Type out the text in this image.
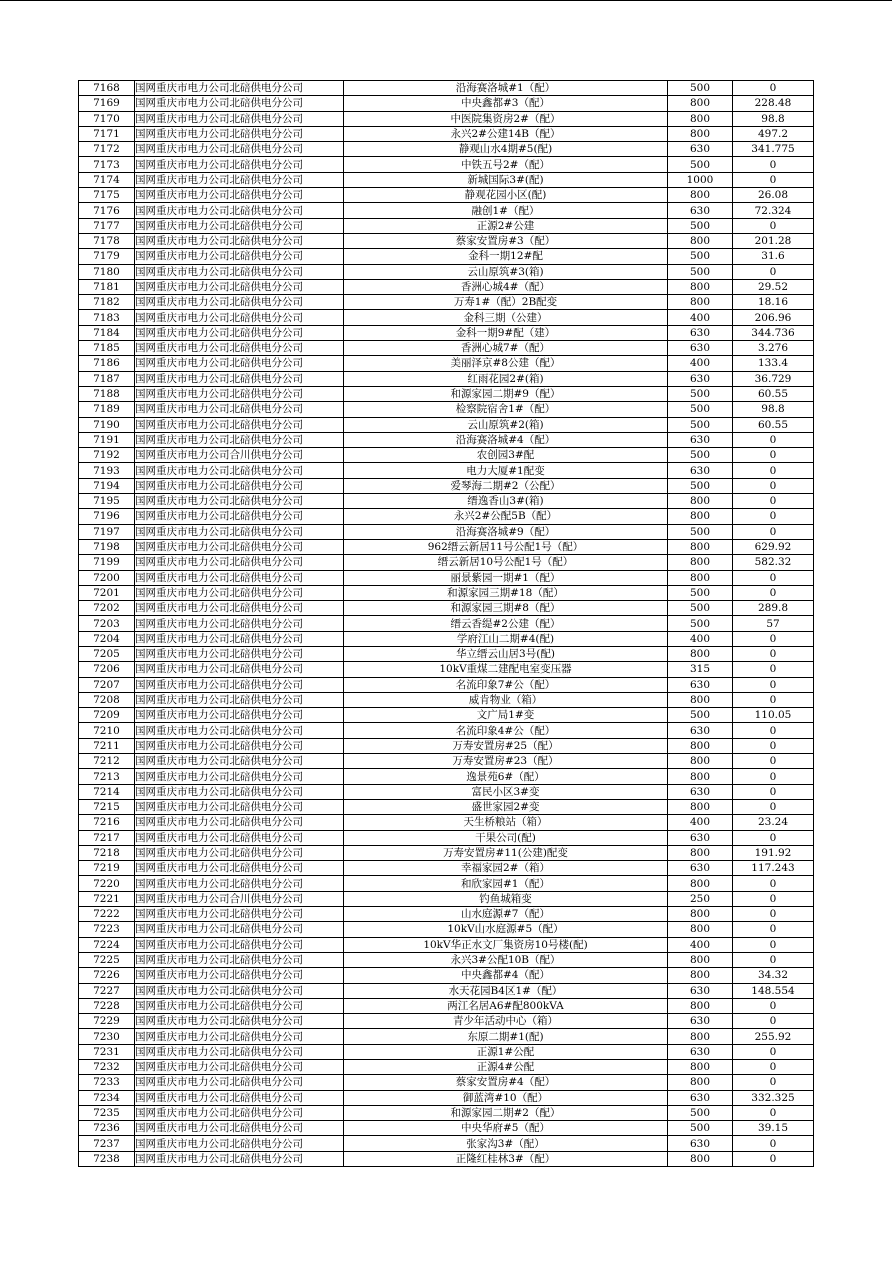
7168	国网重庆市电力公司北碚供电分公司	沿海赛洛城#1（配）	500	0
7169	国网重庆市电力公司北碚供电分公司	中央鑫都#3（配）	800	228.48
7170	国网重庆市电力公司北碚供电分公司	中医院集资房2#（配）	800	98.8
7171	国网重庆市电力公司北碚供电分公司	永兴2#公建14B（配）	800	497.2
7172	国网重庆市电力公司北碚供电分公司	静观山水4期#5(配)	630	341.775
7173	国网重庆市电力公司北碚供电分公司	中铁五号2#（配）	500	0
7174	国网重庆市电力公司北碚供电分公司	新城国际3#(配)	1000	0
7175	国网重庆市电力公司北碚供电分公司	静观花园小区(配)	800	26.08
7176	国网重庆市电力公司北碚供电分公司	融创1#（配）	630	72.324
7177	国网重庆市电力公司北碚供电分公司	正源2#公建	500	0
7178	国网重庆市电力公司北碚供电分公司	蔡家安置房#3（配）	800	201.28
7179	国网重庆市电力公司北碚供电分公司	金科一期12#配	500	31.6
7180	国网重庆市电力公司北碚供电分公司	云山原筑#3(箱)	500	0
7181	国网重庆市电力公司北碚供电分公司	香洲心城4#（配）	800	29.52
7182	国网重庆市电力公司北碚供电分公司	万寿1#（配）2B配变	800	18.16
7183	国网重庆市电力公司北碚供电分公司	金科三期（公建）	400	206.96
7184	国网重庆市电力公司北碚供电分公司	金科一期9#配（建）	630	344.736
7185	国网重庆市电力公司北碚供电分公司	香洲心城7#（配）	630	3.276
7186	国网重庆市电力公司北碚供电分公司	美丽泽京#8公建（配）	400	133.4
7187	国网重庆市电力公司北碚供电分公司	红雨花园2#(箱)	630	36.729
7188	国网重庆市电力公司北碚供电分公司	和源家园二期#9（配）	500	60.55
7189	国网重庆市电力公司北碚供电分公司	检察院宿舍1#（配）	500	98.8
7190	国网重庆市电力公司北碚供电分公司	云山原筑#2(箱)	500	60.55
7191	国网重庆市电力公司北碚供电分公司	沿海赛洛城#4（配）	630	0
7192	国网重庆市电力公司合川供电分公司	农创园3#配	500	0
7193	国网重庆市电力公司北碚供电分公司	电力大厦#1配变	630	0
7194	国网重庆市电力公司北碚供电分公司	爱琴海二期#2（公配）	500	0
7195	国网重庆市电力公司北碚供电分公司	缙逸香山3#(箱)	800	0
7196	国网重庆市电力公司北碚供电分公司	永兴2#公配5B（配）	800	0
7197	国网重庆市电力公司北碚供电分公司	沿海赛洛城#9（配）	500	0
7198	国网重庆市电力公司北碚供电分公司	962缙云新居11号公配1号（配）	800	629.92
7199	国网重庆市电力公司北碚供电分公司	缙云新居10号公配1号（配）	800	582.32
7200	国网重庆市电力公司北碚供电分公司	丽景紫园一期#1（配）	800	0
7201	国网重庆市电力公司北碚供电分公司	和源家园三期#18（配）	500	0
7202	国网重庆市电力公司北碚供电分公司	和源家园三期#8（配）	500	289.8
7203	国网重庆市电力公司北碚供电分公司	缙云香缇#2公建（配）	500	57
7204	国网重庆市电力公司北碚供电分公司	学府江山二期#4(配)	400	0
7205	国网重庆市电力公司北碚供电分公司	华立缙云山居3号(配)	800	0
7206	国网重庆市电力公司北碚供电分公司	10kV重煤二建配电室变压器	315	0
7207	国网重庆市电力公司北碚供电分公司	名流印象7#公（配）	630	0
7208	国网重庆市电力公司北碚供电分公司	威肯物业（箱）	800	0
7209	国网重庆市电力公司北碚供电分公司	文广局1#变	500	110.05
7210	国网重庆市电力公司北碚供电分公司	名流印象4#公（配）	630	0
7211	国网重庆市电力公司北碚供电分公司	万寿安置房#25（配）	800	0
7212	国网重庆市电力公司北碚供电分公司	万寿安置房#23（配）	800	0
7213	国网重庆市电力公司北碚供电分公司	逸景苑6#（配）	800	0
7214	国网重庆市电力公司北碚供电分公司	富民小区3#变	630	0
7215	国网重庆市电力公司北碚供电分公司	盛世家园2#变	800	0
7216	国网重庆市电力公司北碚供电分公司	天生桥粮站（箱）	400	23.24
7217	国网重庆市电力公司北碚供电分公司	干果公司(配)	630	0
7218	国网重庆市电力公司北碚供电分公司	万寿安置房#11(公建)配变	800	191.92
7219	国网重庆市电力公司北碚供电分公司	幸福家园2#（箱）	630	117.243
7220	国网重庆市电力公司北碚供电分公司	和欣家园#1（配）	800	0
7221	国网重庆市电力公司合川供电分公司	钓鱼城箱变	250	0
7222	国网重庆市电力公司北碚供电分公司	山水庭源#7（配）	800	0
7223	国网重庆市电力公司北碚供电分公司	10kV山水庭源#5（配）	800	0
7224	国网重庆市电力公司北碚供电分公司	10kV华正水文厂集资房10号楼(配)	400	0
7225	国网重庆市电力公司北碚供电分公司	永兴3#公配10B（配）	800	0
7226	国网重庆市电力公司北碚供电分公司	中央鑫都#4（配）	800	34.32
7227	国网重庆市电力公司北碚供电分公司	水天花园B4区1#（配）	630	148.554
7228	国网重庆市电力公司北碚供电分公司	两江名居A6#配800kVA	800	0
7229	国网重庆市电力公司北碚供电分公司	青少年活动中心（箱）	630	0
7230	国网重庆市电力公司北碚供电分公司	东原二期#1(配)	800	255.92
7231	国网重庆市电力公司北碚供电分公司	正源1#公配	630	0
7232	国网重庆市电力公司北碚供电分公司	正源4#公配	800	0
7233	国网重庆市电力公司北碚供电分公司	蔡家安置房#4（配）	800	0
7234	国网重庆市电力公司北碚供电分公司	御蓝湾#10（配）	630	332.325
7235	国网重庆市电力公司北碚供电分公司	和源家园二期#2（配）	500	0
7236	国网重庆市电力公司北碚供电分公司	中央华府#5（配）	500	39.15
7237	国网重庆市电力公司北碚供电分公司	张家沟3#（配）	630	0
7238	国网重庆市电力公司北碚供电分公司	正隆红桂林3#（配）	800	0
